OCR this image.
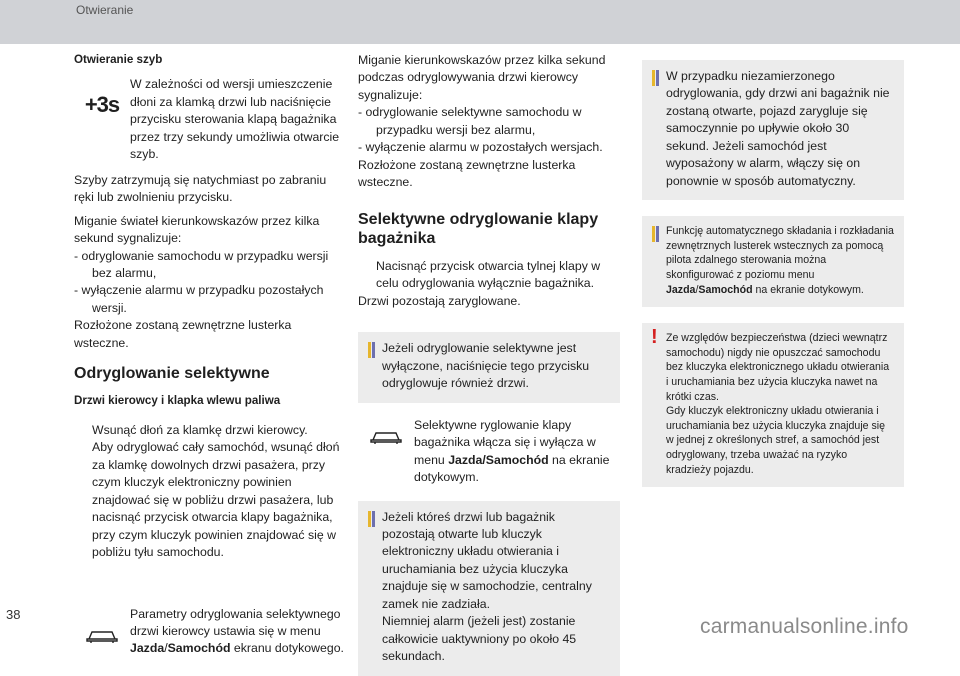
Otwieranie

Otwieranie szyb

+3s

W zależności od wersji umieszczenie dłoni za klamką drzwi lub naciśnięcie przycisku sterowania klapą bagażnika przez trzy sekundy umożliwia otwarcie szyb.

Szyby zatrzymują się natychmiast po zabraniu ręki lub zwolnieniu przycisku.

Miganie świateł kierunkowskazów przez kilka sekund sygnalizuje:

- odryglowanie samochodu w przypadku wersji bez alarmu,

- wyłączenie alarmu w przypadku pozostałych wersji.

Rozłożone zostaną zewnętrzne lusterka wsteczne.

Odryglowanie selektywne

Drzwi kierowcy i klapka wlewu paliwa

Wsunąć dłoń za klamkę drzwi kierowcy.

Aby odryglować cały samochód, wsunąć dłoń za klamkę dowolnych drzwi pasażera, przy czym kluczyk elektroniczny powinien znajdować się w pobliżu drzwi pasażera, lub nacisnąć przycisk otwarcia klapy bagażnika, przy czym kluczyk powinien znajdować się w pobliżu tyłu samochodu.

Parametry odryglowania selektywnego drzwi kierowcy ustawia się w menu Jazda/Samochód ekranu dotykowego.

Miganie kierunkowskazów przez kilka sekund podczas odryglowywania drzwi kierowcy sygnalizuje:

- odryglowanie selektywne samochodu w przypadku wersji bez alarmu,

- wyłączenie alarmu w pozostałych wersjach.

Rozłożone zostaną zewnętrzne lusterka wsteczne.

Selektywne odryglowanie klapy bagażnika

Nacisnąć przycisk otwarcia tylnej klapy w celu odryglowania wyłącznie bagażnika.

Drzwi pozostają zaryglowane.

Jeżeli odryglowanie selektywne jest wyłączone, naciśnięcie tego przycisku odryglowuje również drzwi.

Selektywne ryglowanie klapy bagażnika włącza się i wyłącza w menu Jazda/Samochód na ekranie dotykowym.

Jeżeli któreś drzwi lub bagażnik pozostają otwarte lub kluczyk elektroniczny układu otwierania i uruchamiania bez użycia kluczyka znajduje się w samochodzie, centralny zamek nie zadziała.

Niemniej alarm (jeżeli jest) zostanie całkowicie uaktywniony po około 45 sekundach.

W przypadku niezamierzonego odryglowania, gdy drzwi ani bagażnik nie zostaną otwarte, pojazd zarygluje się samoczynnie po upływie około 30 sekund. Jeżeli samochód jest wyposażony w alarm, włączy się on ponownie w sposób automatyczny.

Funkcję automatycznego składania i rozkładania zewnętrznych lusterek wstecznych za pomocą pilota zdalnego sterowania można skonfigurować z poziomu menu Jazda/Samochód na ekranie dotykowym.

! Ze względów bezpieczeństwa (dzieci wewnątrz samochodu) nigdy nie opuszczać samochodu bez kluczyka elektronicznego układu otwierania i uruchamiania bez użycia kluczyka nawet na krótki czas.

Gdy kluczyk elektroniczny układu otwierania i uruchamiania bez użycia kluczyka znajduje się w jednej z określonych stref, a samochód jest odryglowany, trzeba uważać na ryzyko kradzieży pojazdu.

38
carmanualsonline.info
